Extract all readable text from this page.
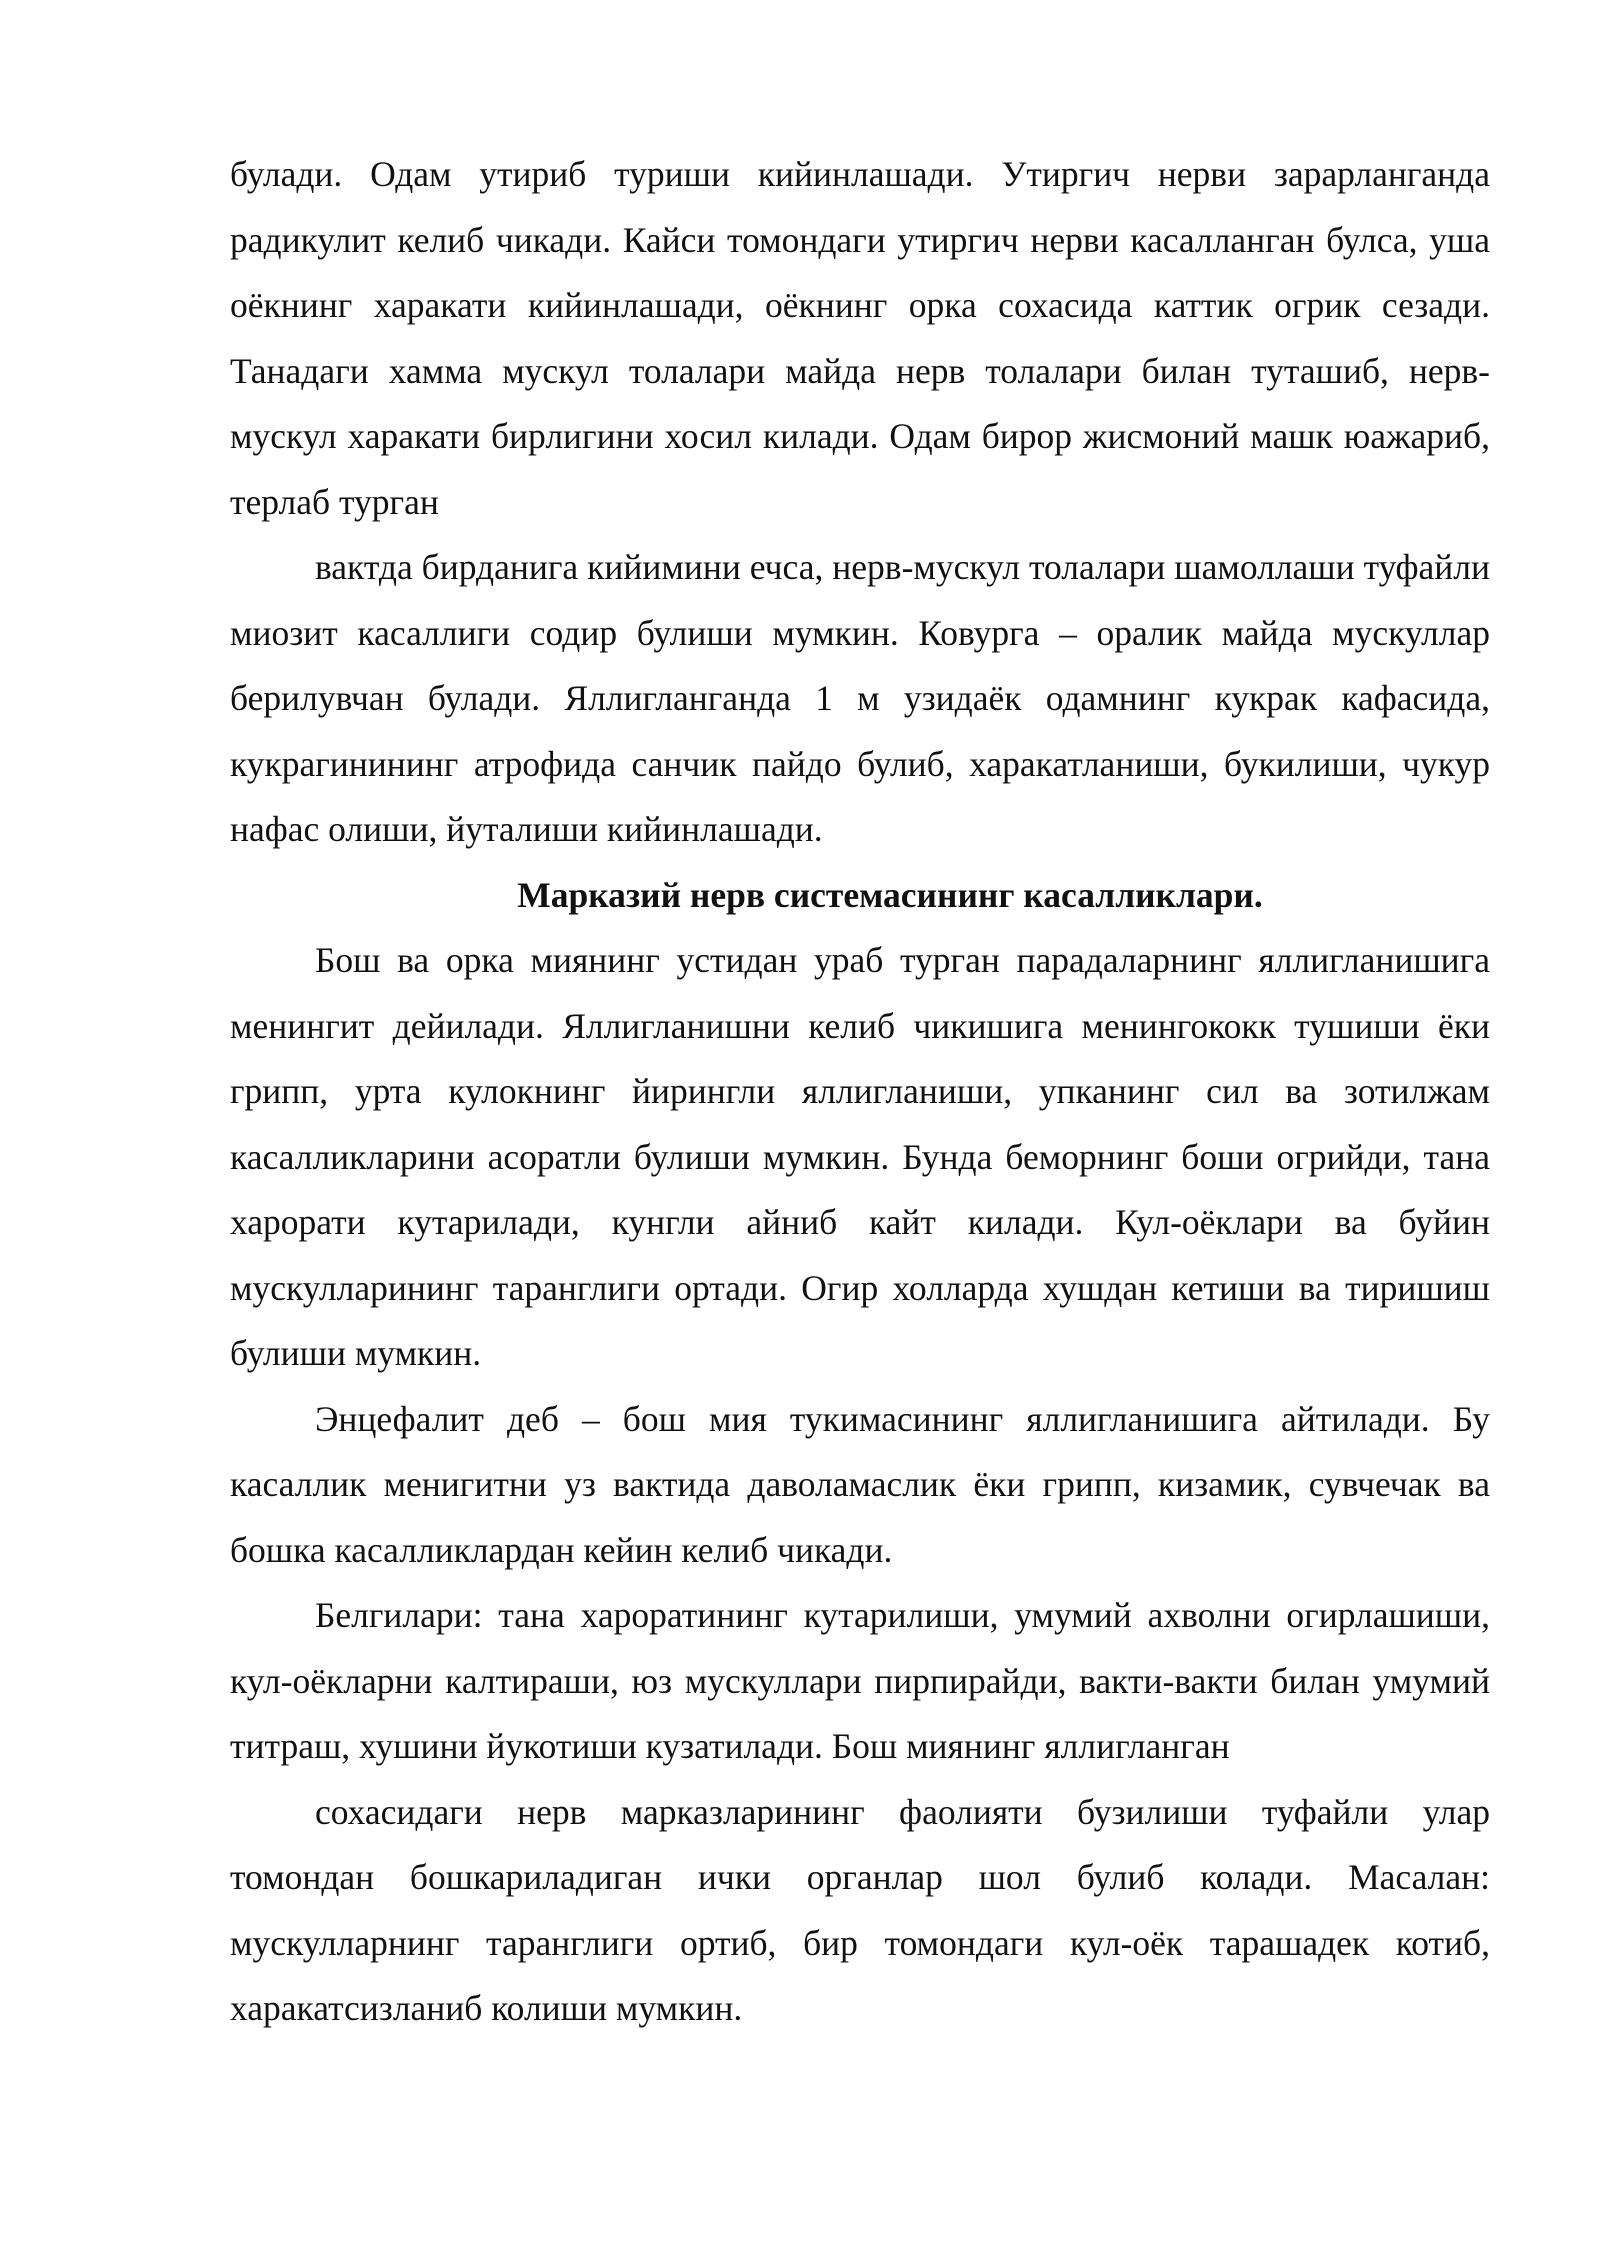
булади. Одам утириб туриши кийинлашади. Утиргич нерви зарарланганда радикулит келиб чикади. Кайси томондаги утиргич нерви касалланган булса, уша оёкнинг харакати кийинлашади, оёкнинг орка сохасида каттик огрик сезади. Танадаги хамма мускул толалари майда нерв толалари билан туташиб, нерв-мускул харакати бирлигини хосил килади. Одам бирор жисмоний машк юажариб, терлаб турган

вактда бирданига кийимини ечса, нерв-мускул толалари шамоллаши туфайли миозит касаллиги содир булиши мумкин. Ковурга – оралик майда мускуллар берилувчан булади. Яллигланганда 1 м узидаёк одамнинг кукрак кафасида, кукрагинининг атрофида санчик пайдо булиб, харакатланиши, букилиши, чукур нафас олиши, йуталиши кийинлашади.

Марказий нерв системасининг касалликлари.

Бош ва орка миянинг устидан ураб турган парадаларнинг яллигланишига менингит дейилади. Яллигланишни келиб чикишига менингококк тушиши ёки грипп, урта кулокнинг йирингли яллигланиши, упканинг сил ва зотилжам касалликларини асоратли булиши мумкин. Бунда беморнинг боши огрийди, тана харорати кутарилади, кунгли айниб кайт килади. Кул-оёклари ва буйин мускулларининг таранглиги ортади. Огир холларда хушдан кетиши ва тиришиш булиши мумкин.

Энцефалит деб – бош мия тукимасининг яллигланишига айтилади. Бу касаллик менигитни уз вактида даволамаслик ёки грипп, кизамик, сувчечак ва бошка касалликлардан кейин келиб чикади.

Белгилари: тана хароратининг кутарилиши, умумий ахволни огирлашиши, кул-оёкларни калтираши, юз мускуллари пирпирайди, вакти-вакти билан умумий титраш, хушини йукотиши кузатилади. Бош миянинг яллигланган

сохасидаги нерв марказларининг фаолияти бузилиши туфайли улар томондан бошкариладиган ички органлар шол булиб колади. Масалан: мускулларнинг таранглиги ортиб, бир томондаги кул-оёк тарашадек котиб, харакатсизланиб колиши мумкин.
